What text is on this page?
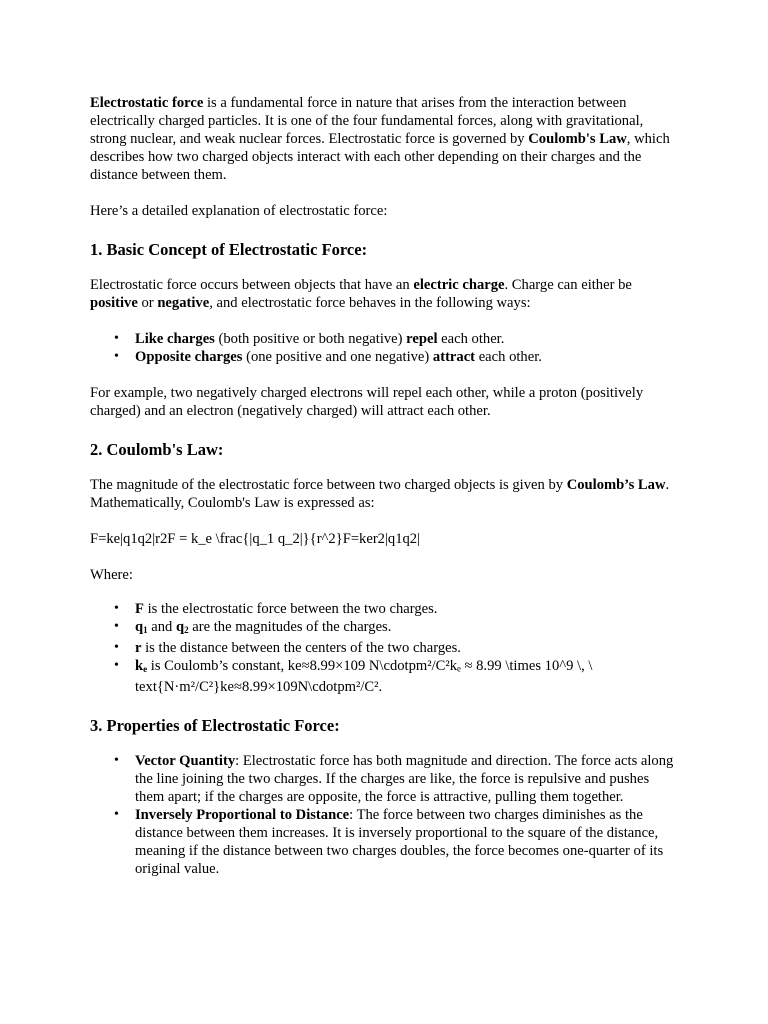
Electrostatic force is a fundamental force in nature that arises from the interaction between electrically charged particles. It is one of the four fundamental forces, along with gravitational, strong nuclear, and weak nuclear forces. Electrostatic force is governed by Coulomb's Law, which describes how two charged objects interact with each other depending on their charges and the distance between them.

Here’s a detailed explanation of electrostatic force:

1. Basic Concept of Electrostatic Force:

Electrostatic force occurs between objects that have an electric charge. Charge can either be positive or negative, and electrostatic force behaves in the following ways:

• Like charges (both positive or both negative) repel each other.
• Opposite charges (one positive and one negative) attract each other.

For example, two negatively charged electrons will repel each other, while a proton (positively charged) and an electron (negatively charged) will attract each other.

2. Coulomb's Law:

The magnitude of the electrostatic force between two charged objects is given by Coulomb’s Law. Mathematically, Coulomb's Law is expressed as:

F=ke|q1q2|r2F = k_e \frac{|q_1 q_2|}{r^2}F=ker2|q1q2|

Where:

• F is the electrostatic force between the two charges.
• $q_1$ and $q_2$ are the magnitudes of the charges.
• r is the distance between the centers of the two charges.
• $k_e$ is Coulomb’s constant, ke≈8.99×109 N\cdotpm²/C²kₑ ≈ 8.99 \times 10^9 \, \ text{N·m²/C²}ke≈8.99×109N\cdotpm²/C².
3. Properties of Electrostatic Force:
• Vector Quantity: Electrostatic force has both magnitude and direction. The force acts along the line joining the two charges. If the charges are like, the force is repulsive and pushes them apart; if the charges are opposite, the force is attractive, pulling them together.
• Inversely Proportional to Distance: The force between two charges diminishes as the distance between them increases. It is inversely proportional to the square of the distance, meaning if the distance between two charges doubles, the force becomes one-quarter of its original value.
